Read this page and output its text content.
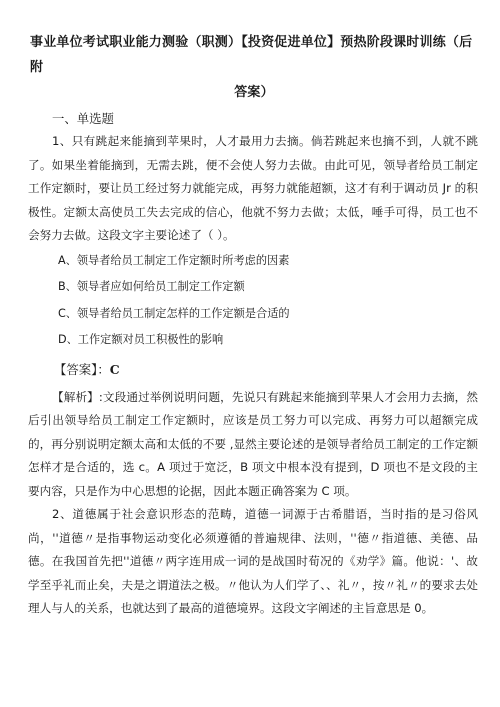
事业单位考试职业能力测验（职测）【投资促进单位】预热阶段课时训练（后附
答案）
一、单选题

1、只有跳起来能摘到苹果时，人才最用力去摘。倘若跳起来也摘不到，人就不跳了。如果坐着能摘到，无需去跳，便不会使人努力去做。由此可见，领导者给员工制定工作定额时，要让员工经过努力就能完成，再努力就能超额，这才有利于调动员 Jr 的积极性。定额太高使员工失去完成的信心，他就不努力去做；太低，唾手可得，员工也不会努力去做。这段文字主要论述了（ ）。

A、领导者给员工制定工作定额时所考虑的因素

B、领导者应如何给员工制定工作定额

C、领导者给员工制定怎样的工作定额是合适的

D、工作定额对员工积极性的影响

【答案】：C

【解析】:文段通过举例说明问题，先说只有跳起来能摘到苹果人才会用力去摘，然后引出领导给员工制定工作定额时，应该是员工努力可以完成、再努力可以超额完成的，再分别说明定额太高和太低的不要 ,显然主要论述的是领导者给员工制定的工作定额怎样才是合适的，选 c。A 项过于宽泛，B 项文中根本没有提到，D 项也不是文段的主要内容，只是作为中心思想的论据，因此本题正确答案为 C 项。

2、道德属于社会意识形态的范畴，道德一词源于古希腊语，当时指的是习俗风尚，''道德〃是指事物运动变化必须遵循的普遍规律、法则，''德〃指道德、美德、品德。在我国首先把''道德〃两字连用成一词的是战国时荀况的《劝学》篇。他说：'、故学至乎礼而止矣，夫是之谓道法之极。〃他认为人们学了、、礼〃，按〃礼〃的要求去处理人与人的关系，也就达到了最高的道德境界。这段文字阐述的主旨意思是 0。
